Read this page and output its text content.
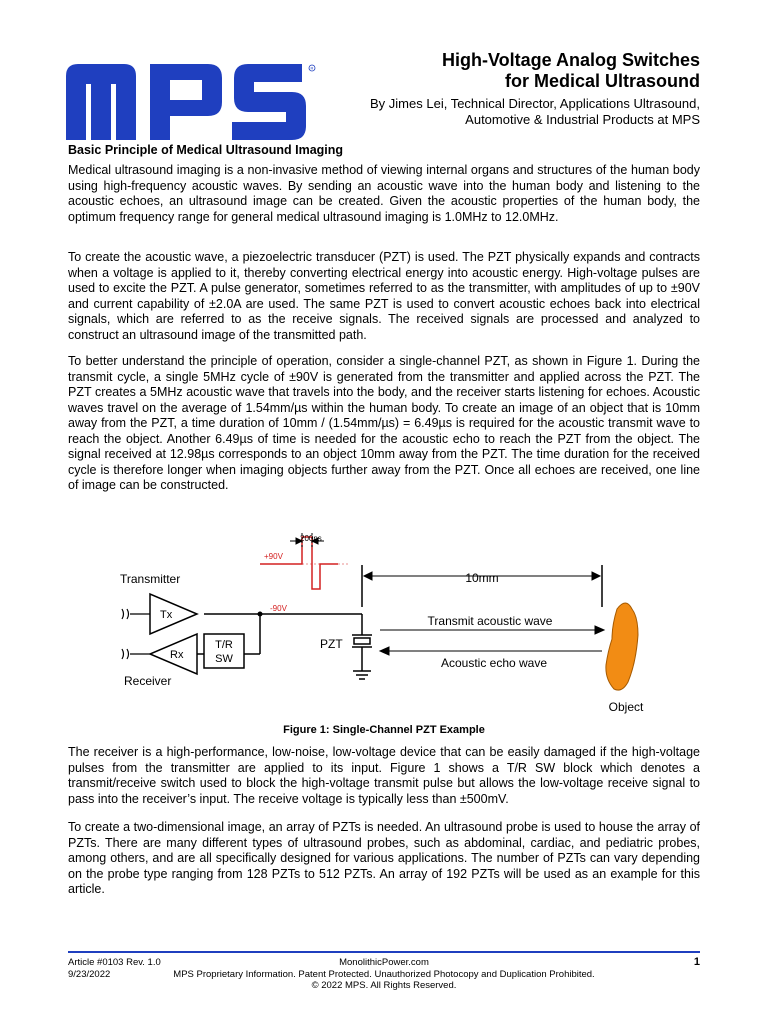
R	High-Voltage Analog Switches
for Medical Ultrasound
By Jimes Lei, Technical Director, Applications Ultrasound,
Automotive & Industrial Products at MPS
Basic Principle of Medical Ultrasound Imaging

Medical ultrasound imaging is a non-invasive method of viewing internal organs and structures of the human body using high-frequency acoustic waves. By sending an acoustic wave into the human body and listening to the acoustic echoes, an ultrasound image can be created. Given the acoustic properties of the human body, the optimum frequency range for general medical ultrasound imaging is 1.0MHz to 12.0MHz.

To create the acoustic wave, a piezoelectric transducer (PZT) is used. The PZT physically expands and contracts when a voltage is applied to it, thereby converting electrical energy into acoustic energy. High-voltage pulses are used to excite the PZT. A pulse generator, sometimes referred to as the transmitter, with amplitudes of up to ±90V and current capability of ±2.0A are used. The same PZT is used to convert acoustic echoes back into electrical signals, which are referred to as the receive signals. The received signals are processed and analyzed to construct an ultrasound image of the transmitted path.

To better understand the principle of operation, consider a single-channel PZT, as shown in Figure 1. During the transmit cycle, a single 5MHz cycle of ±90V is generated from the transmitter and applied across the PZT. The PZT creates a 5MHz acoustic wave that travels into the body, and the receiver starts listening for echoes. Acoustic waves travel on the average of 1.54mm/µs within the human body. To create an image of an object that is 10mm away from the PZT, a time duration of 10mm / (1.54mm/µs) = 6.49µs is required for the acoustic transmit wave to reach the object. Another 6.49µs of time is needed for the acoustic echo to reach the PZT from the object. The signal received at 12.98µs corresponds to an object 10mm away from the PZT. The time duration for the received cycle is therefore longer when imaging objects further away from the PZT. Once all echoes are received, one line of image can be constructed.

Transmitter
Tx
Rx
T/R
SW
Receiver
PZT
200ns
+90V
-90V
10mm
Transmit acoustic wave
Acoustic echo wave
Object
Figure 1: Single-Channel PZT Example

The receiver is a high-performance, low-noise, low-voltage device that can be easily damaged if the high-voltage pulses from the transmitter are applied to its input. Figure 1 shows a T/R SW block which denotes a transmit/receive switch used to block the high-voltage transmit pulse but allows the low-voltage receive signal to pass into the receiver’s input. The receive voltage is typically less than ±500mV.

To create a two-dimensional image, an array of PZTs is needed. An ultrasound probe is used to house the array of PZTs. There are many different types of ultrasound probes, such as abdominal, cardiac, and pediatric probes, among others, and are all specifically designed for various applications. The number of PZTs can vary depending on the probe type ranging from 128 PZTs to 512 PZTs. An array of 192 PZTs will be used as an example for this article.

Article #0103 Rev. 1.0
9/23/2022
MonolithicPower.com
MPS Proprietary Information. Patent Protected. Unauthorized Photocopy and Duplication Prohibited.
© 2022 MPS. All Rights Reserved.
1
